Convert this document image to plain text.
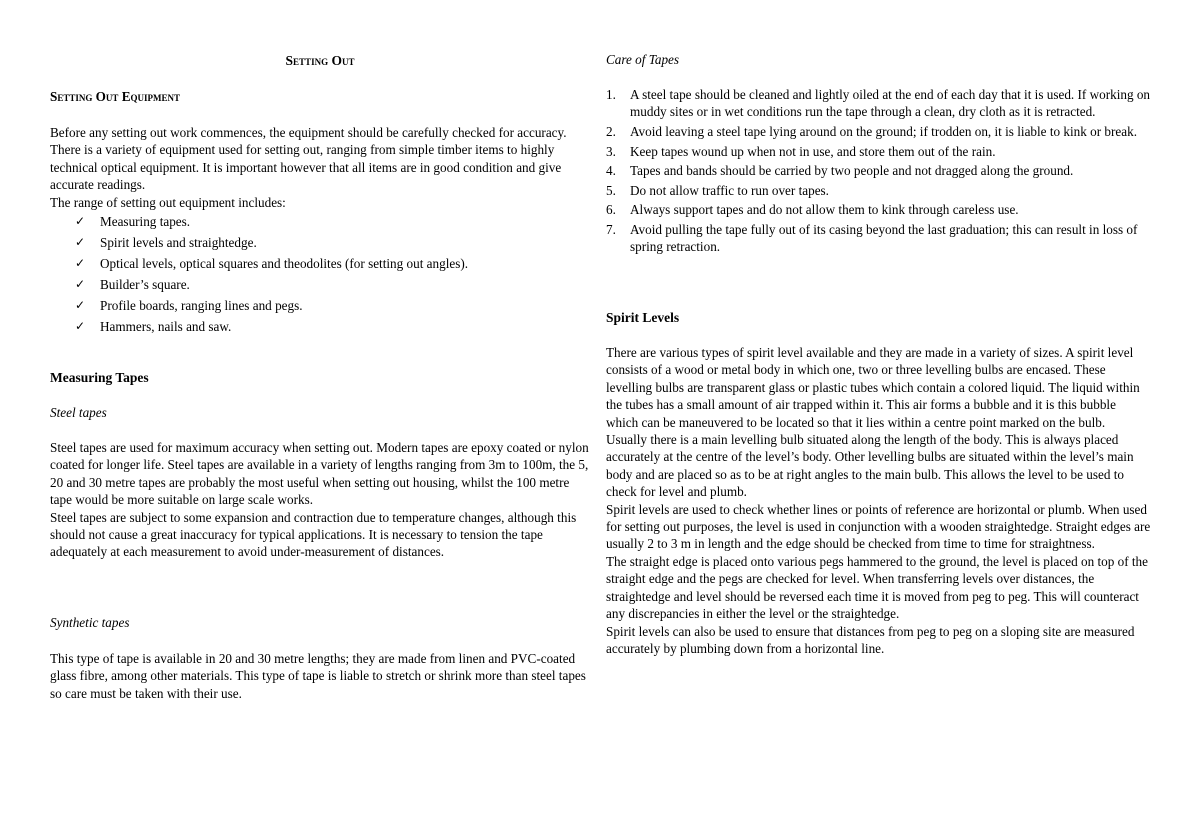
Setting Out
Setting Out Equipment

Before any setting out work commences, the equipment should be carefully checked for accuracy.

There is a variety of equipment used for setting out, ranging from simple timber items to highly technical optical equipment. It is important however that all items are in good condition and give accurate readings.

The range of setting out equipment includes:

✓ Measuring tapes.
✓ Spirit levels and straightedge.
✓ Optical levels, optical squares and theodolites (for setting out angles).
✓ Builder’s square.
✓ Profile boards, ranging lines and pegs.
✓ Hammers, nails and saw.
Measuring Tapes
Steel tapes

Steel tapes are used for maximum accuracy when setting out. Modern tapes are epoxy coated or nylon coated for longer life. Steel tapes are available in a variety of lengths ranging from 3m to 100m, the 5, 20 and 30 metre tapes are probably the most useful when setting out housing, whilst the 100 metre tape would be more suitable on large scale works.

Steel tapes are subject to some expansion and contraction due to temperature changes, although this should not cause a great inaccuracy for typical applications. It is necessary to tension the tape adequately at each measurement to avoid under-measurement of distances.

Synthetic tapes

This type of tape is available in 20 and 30 metre lengths; they are made from linen and PVC-coated glass fibre, among other materials. This type of tape is liable to stretch or shrink more than steel tapes so care must be taken with their use.

Care of Tapes
1. A steel tape should be cleaned and lightly oiled at the end of each day that it is used. If working on muddy sites or in wet conditions run the tape through a clean, dry cloth as it is retracted.
2. Avoid leaving a steel tape lying around on the ground; if trodden on, it is liable to kink or break.
3. Keep tapes wound up when not in use, and store them out of the rain.
4. Tapes and bands should be carried by two people and not dragged along the ground.
5. Do not allow traffic to run over tapes.
6. Always support tapes and do not allow them to kink through careless use.
7. Avoid pulling the tape fully out of its casing beyond the last graduation; this can result in loss of spring retraction.
Spirit Levels

There are various types of spirit level available and they are made in a variety of sizes. A spirit level consists of a wood or metal body in which one, two or three levelling bulbs are encased. These levelling bulbs are transparent glass or plastic tubes which contain a colored liquid. The liquid within the tubes has a small amount of air trapped within it. This air forms a bubble and it is this bubble which can be maneuvered to be located so that it lies within a centre point marked on the bulb.

Usually there is a main levelling bulb situated along the length of the body. This is always placed accurately at the centre of the level’s body. Other levelling bulbs are situated within the level’s main body and are placed so as to be at right angles to the main bulb. This allows the level to be used to check for level and plumb.

Spirit levels are used to check whether lines or points of reference are horizontal or plumb. When used for setting out purposes, the level is used in conjunction with a wooden straightedge. Straight edges are usually 2 to 3 m in length and the edge should be checked from time to time for straightness.

The straight edge is placed onto various pegs hammered to the ground, the level is placed on top of the straight edge and the pegs are checked for level. When transferring levels over distances, the straightedge and level should be reversed each time it is moved from peg to peg. This will counteract any discrepancies in either the level or the straightedge.

Spirit levels can also be used to ensure that distances from peg to peg on a sloping site are measured accurately by plumbing down from a horizontal line.
